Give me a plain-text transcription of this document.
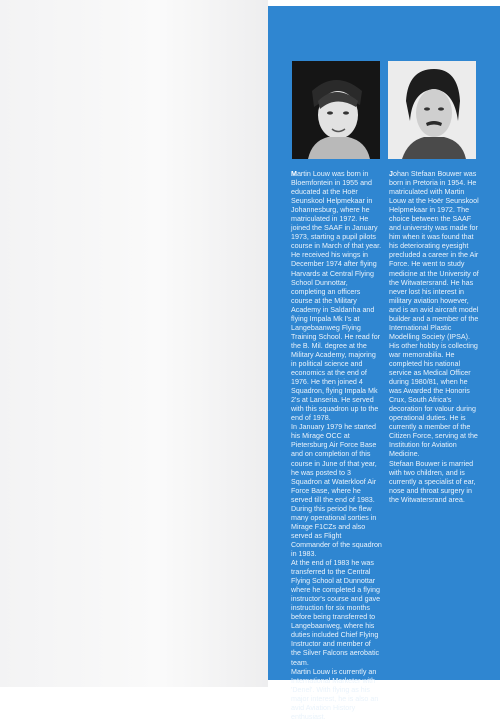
Martin Louw was born in Bloemfontein in 1955 and educated at the Hoër Seunskool Helpmekaar in Johannesburg, where he matriculated in 1972. He joined the SAAF in January 1973, starting a pupil pilots course in March of that year. He received his wings in December 1974 after flying Harvards at Central Flying School Dunnottar, completing an officers course at the Military Academy in Saldanha and flying Impala Mk I's at Langebaanweg Flying Training School. He read for the B. Mil. degree at the Military Academy, majoring in political science and economics at the end of 1976. He then joined 4 Squadron, flying Impala Mk 2's at Lanseria. He served with this squadron up to the end of 1978.

In January 1979 he started his Mirage OCC at Pietersburg Air Force Base and on completion of this course in June of that year, he was posted to 3 Squadron at Waterkloof Air Force Base, where he served till the end of 1983. During this period he flew many operational sorties in Mirage F1CZs and also served as Flight Commander of the squadron in 1983.

At the end of 1983 he was transferred to the Central Flying School at Dunnottar where he completed a flying instructor's course and gave instruction for six months before being transferred to Langebaanweg, where his duties included Chief Flying Instructor and member of the Silver Falcons aerobatic team.

Martin Louw is currently an International Marketer with 'Denel'. With flying as his major interest, he is also an avid Aviation History enthusiast.

Johan Stefaan Bouwer was born in Pretoria in 1954. He matriculated with Martin Louw at the Hoër Seunskool Helpmekaar in 1972. The choice between the SAAF and university was made for him when it was found that his deteriorating eyesight precluded a career in the Air Force. He went to study medicine at the University of the Witwatersrand. He has never lost his interest in military aviation however, and is an avid aircraft model builder and a member of the International Plastic Modelling Society (IPSA). His other hobby is collecting war memorabilia. He completed his national service as Medical Officer during 1980/81, when he was Awarded the Honoris Crux, South Africa's decoration for valour during operational duties. He is currently a member of the Citizen Force, serving at the Institution for Aviation Medicine.

Stefaan Bouwer is married with two children, and is currently a specialist of ear, nose and throat surgery in the Witwatersrand area.
